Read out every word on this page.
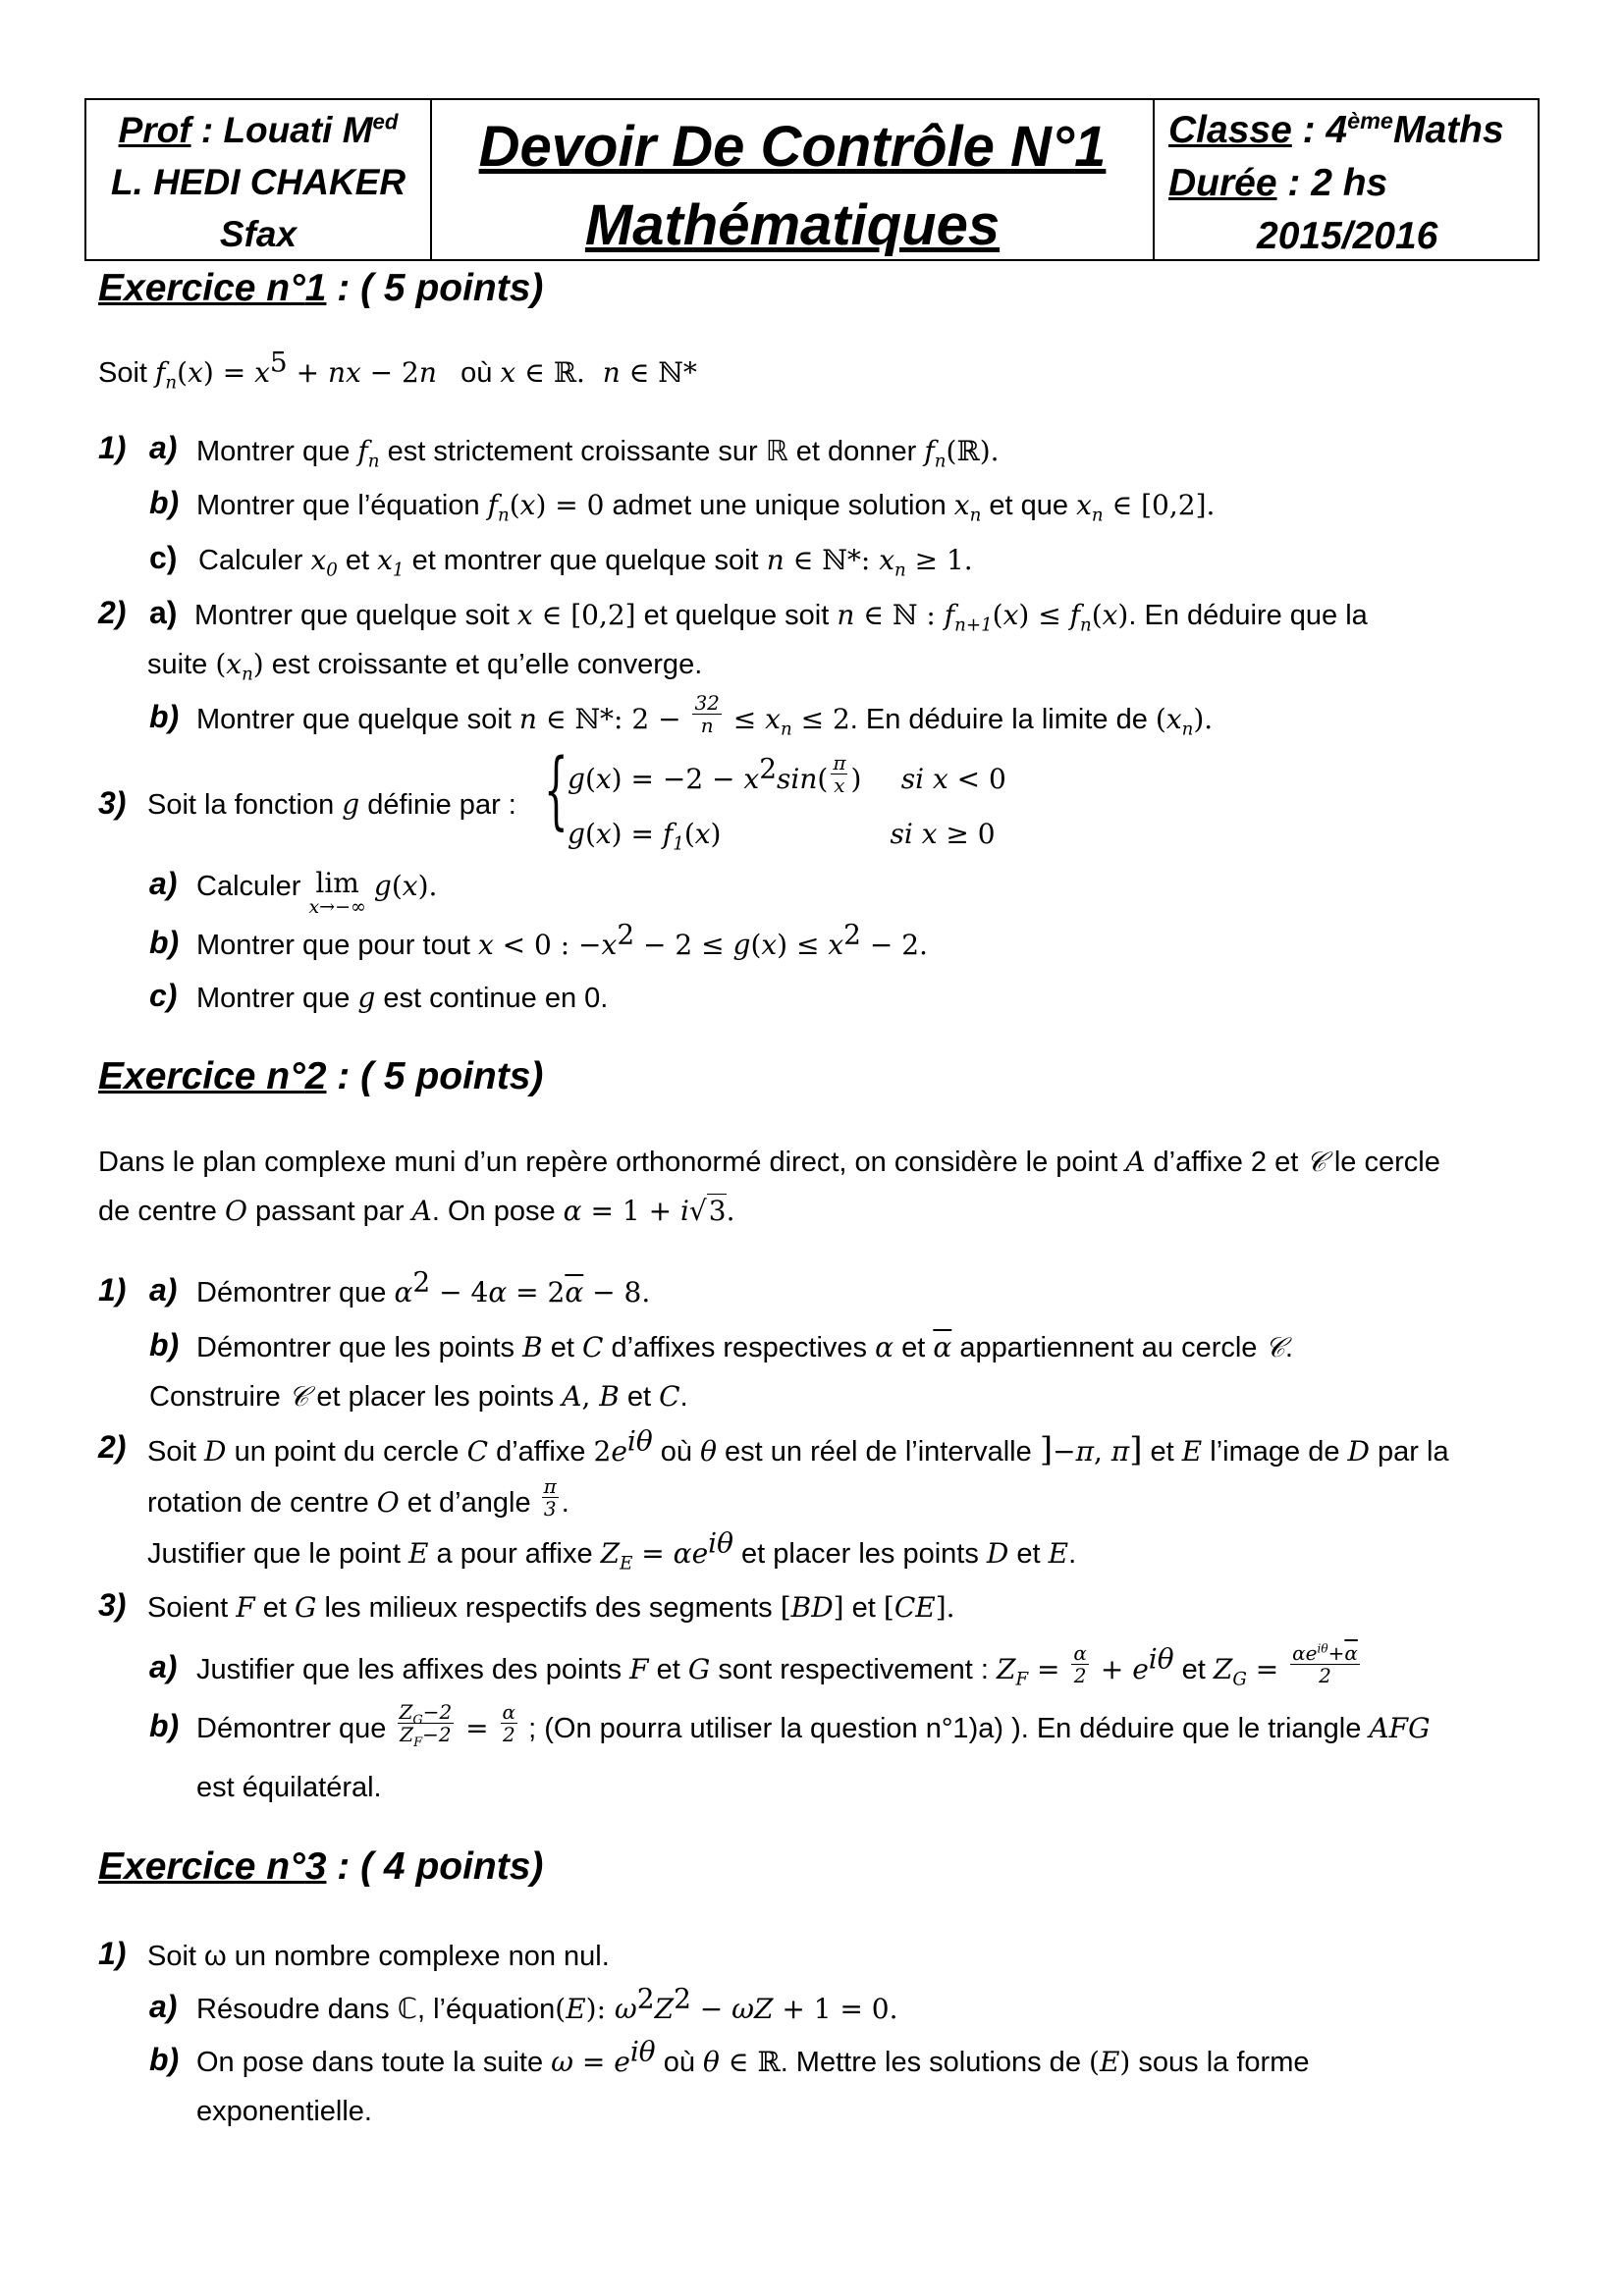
Prof : Louati $M^{ed}$
L. HEDI CHAKER
Sfax
Devoir De Contrôle N°1
Mathématiques
Classe : 4èmeMaths
Durée : 2 hs
2015/2016
Exercice n°1 : ( 5 points)
Soit $f_n(x) = x^5$ + nx − 2n   où x ∈ ℝ.  n ∈ ℕ*
1) a) Montrer que $f_n$ est strictement croissante sur ℝ et donner $f_n(ℝ)$.
b) Montrer que l’équation $f_n(x) = 0$ admet une unique solution $x_n$ et que $x_n$ ∈ [0,2].
c) Calculer $x_0$ et $x_1$ et montrer que quelque soit n ∈ ℕ*: $x_n \ge 1$.
2) a) Montrer que quelque soit x ∈ [0,2] et quelque soit n ∈ ℕ : $f_{n+1}(x) \le f_n(x)$. En déduire que la
suite $(x_n)$ est croissante et qu’elle converge.
b) Montrer que quelque soit n ∈ ℕ*: $2 - \frac{32}{n} \le x_n \le 2$. En déduire la limite de $(x_n)$.
3) Soit la fonction g définie par : { $g(x) = -2 - x^2\sin( \frac{\pi}{x}$ ) si x < 0
$g(x) = f_1(x)$	si x ≥ 0
a) Calculer lim
x→−∞
g(x).
b) Montrer que pour tout x < 0 : $-x^2 - 2 \le g(x) \le x^2 - 2$.
c) Montrer que g est continue en 0.
Exercice n°2 : ( 5 points)
Dans le plan complexe muni d’un repère orthonormé direct, on considère le point A d’affixe 2 et 𝒞 le cercle
de centre O passant par A. On pose α = 1 + i√3.
1) a) Démontrer que $\alpha^2 - 4\alpha = 2\overline{\alpha} - 8$.
b) Démontrer que les points B et C d’affixes respectives α et $\overline{\alpha}$ appartiennent au cercle 𝒞.
Construire 𝒞 et placer les points A, B et C.
2) Soit D un point du cercle C d’affixe $2e^{i\theta}$ où θ est un réel de l’intervalle ]−π, π] et E l’image de D par la
rotation de centre O et d’angle $\frac{\pi}{3}$ .
Justifier que le point E a pour affixe $Z_E = \alpha e^{i\theta}$ et placer les points D et E.
3) Soient F et G les milieux respectifs des segments [BD] et [CE].
a) Justifier que les affixes des points F et G sont respectivement : $Z_F = \frac{\alpha}{2} + e^{i\theta}$ et $Z_G = \frac{\alpha e^{i\theta}+\overline{\alpha}}{2}$
b) Démontrer que $\frac{Z_G-2}{Z_F-2} = \frac{\alpha}{2}$ ; (On pourra utiliser la question n°1)a) ). En déduire que le triangle AFG
est équilatéral.
Exercice n°3 : ( 4 points)
1) Soit ω un nombre complexe non nul.
a) Résoudre dans ℂ, l’équation(E): $\omega^2Z^2 - \omega Z + 1 = 0$.
b) On pose dans toute la suite $\omega = e^{i\theta}$ où θ ∈ ℝ. Mettre les solutions de (E) sous la forme
exponentielle.
